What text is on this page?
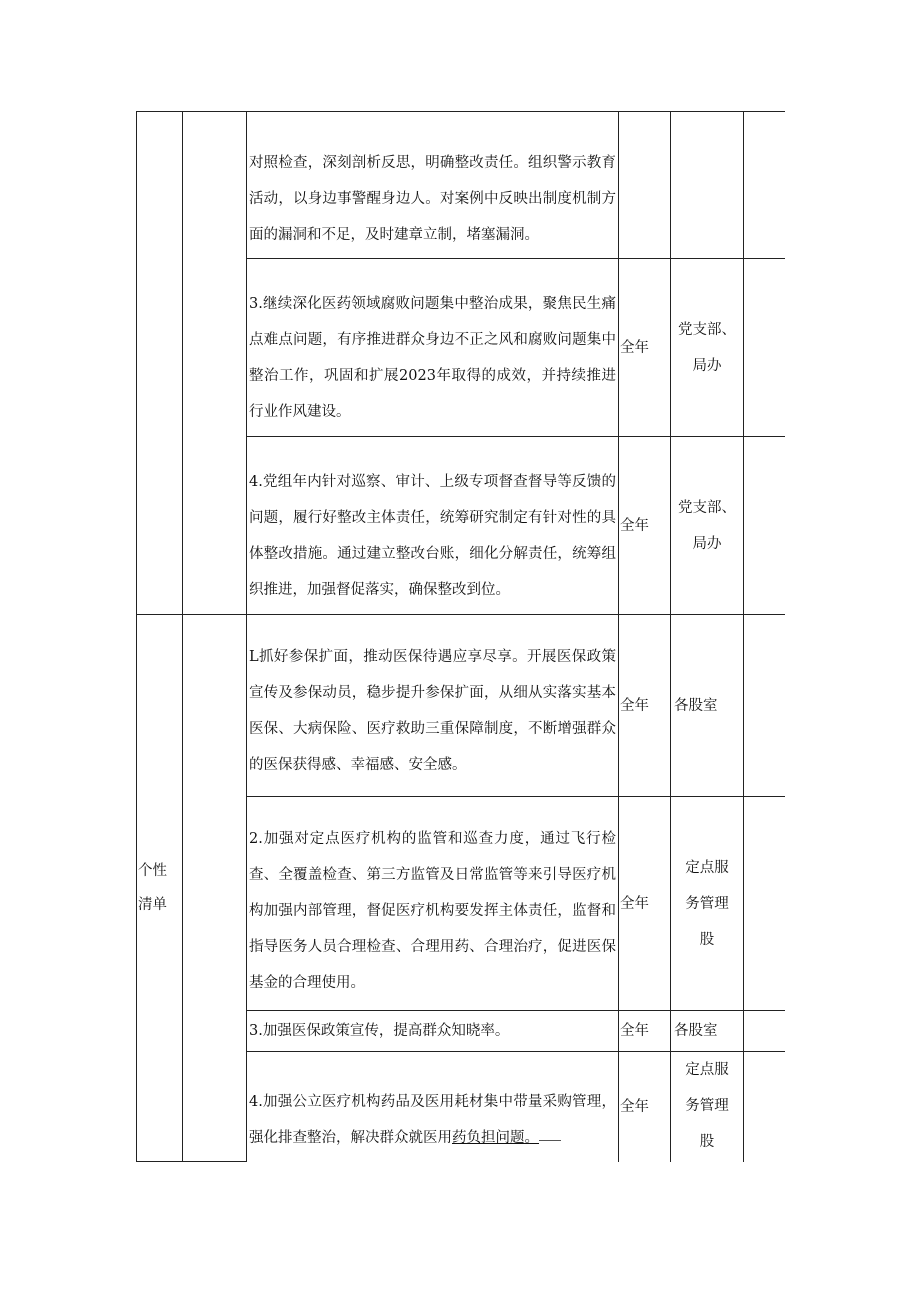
		对照检查，深刻剖析反思，明确整改责任。组织警示教育活动，以身边事警醒身边人。对案例中反映出制度机制方面的漏洞和不足，及时建章立制，堵塞漏洞。			
		3.继续深化医药领域腐败问题集中整治成果，聚焦民生痛点难点问题，有序推进群众身边不正之风和腐败问题集中整治工作，巩固和扩展2023年取得的成效，并持续推进行业作风建设。	全年	党支部、
局办	

		4.党组年内针对巡察、审计、上级专项督查督导等反馈的问题，履行好整改主体责任，统筹研究制定有针对性的具体整改措施。通过建立整改台账，细化分解责任，统筹组织推进，加强督促落实，确保整改到位。	全年	党支部、
局办	

个性
清单		L抓好参保扩面，推动医保待遇应享尽享。开展医保政策宣传及参保动员，稳步提升参保扩面，从细从实落实基本医保、大病保险、医疗救助三重保障制度，不断增强群众的医保获得感、幸福感、安全感。	全年	各股室	
		2.加强对定点医疗机构的监管和巡查力度，通过飞行检查、全覆盖检查、第三方监管及日常监管等来引导医疗机构加强内部管理，督促医疗机构要发挥主体责任，监督和指导医务人员合理检查、合理用药、合理治疗，促进医保基金的合理使用。	全年	定点服
务管理
股	

		3.加强医保政策宣传，提高群众知晓率。	全年	各股室	
		4.加强公立医疗机构药品及医用耗材集中带量采购管理，强化排查整治，解决群众就医用药负担问题。	全年	定点服
务管理
股	
